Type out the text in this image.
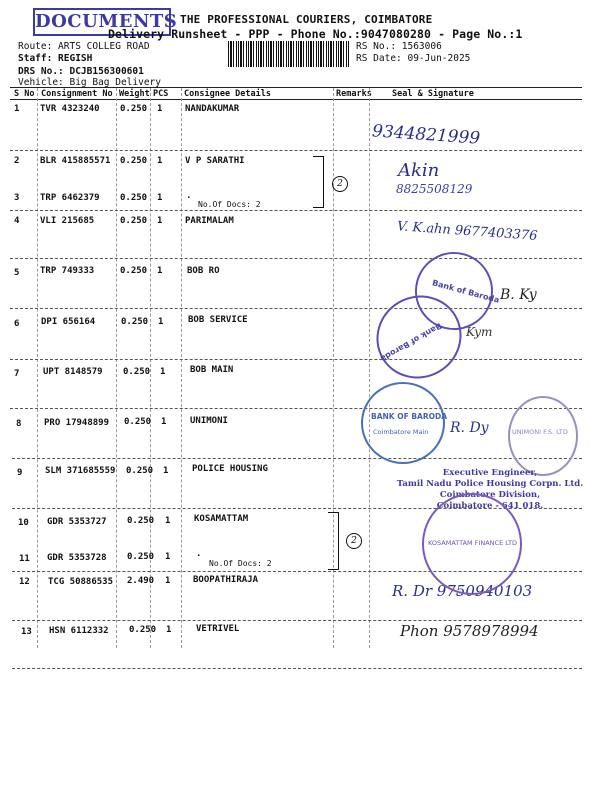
DOCUMENTS THE PROFESSIONAL COURIERS, COIMBATORE
Delivery Runsheet - PPP - Phone No.:9047080280 - Page No.:1
Route: ARTS COLLEG ROAD
Staff: REGISH
DRS No.: DCJB156300601
Vehicle: Big Bag Delivery
RS No.: 1563006
RS Date: 09-Jun-2025
S No Consignment No Weight PCS Consignee Details	Remarks Seal & Signature
1 TVR 4323240 0.250 1	NANDAKUMAR
2 BLR 415885571 0.250 1	V P SARATHI
3 TRP 6462379 0.250 1	.
No.Of Docs: 2
2
4 VLI 215685	0.250 1	PARIMALAM
5 TRP 749333	0.250 1	BOB RO
6 DPI 656164	0.250 1	BOB SERVICE
7	UPT 8148579 0.250 1	BOB MAIN
8	PRO 17948899 0.250 1	UNIMONI
9	SLM 371685559 0.250 1	POLICE HOUSING
10 GDR 5353727 0.250 1	KOSAMATTAM
11 GDR 5353728 0.250 1	.
No.Of Docs: 2
2
12 TCG 50886535 2.490 1	BOOPATHIRAJA
13 HSN 6112332 0.250 1	VETRIVEL
9344821999
Akin
8825508129
V. K.ahn 9677403376
B. Ky
Kym
R. Dy
R. Dr 9750940103
Phon 9578978994
Bank of Baroda
Bank of Baroda
BANK OF BARODA
Coimbatore Main	UNIMONI F.S. LTD
Executive Engineer,
Tamil Nadu Police Housing Corpn. Ltd.
Coimbatore Division,
Coimbatore - 641 018.
KOSAMATTAM FINANCE LTD
